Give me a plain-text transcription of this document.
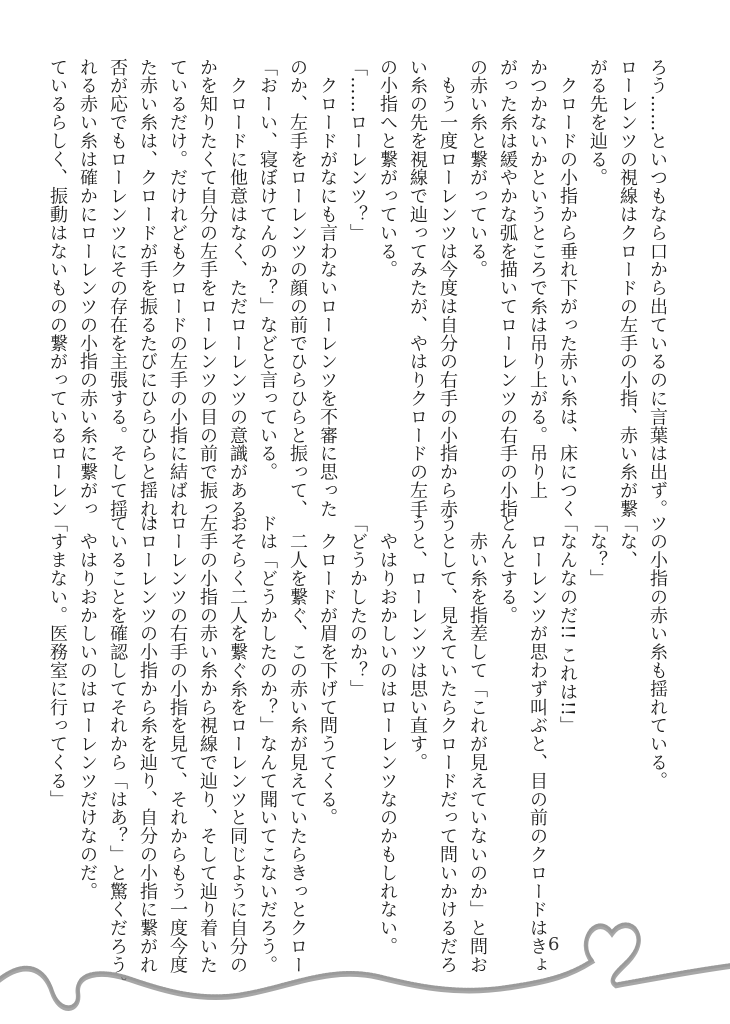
ろう……といつもなら口から出ているのに言葉は出ず。
ローレンツの視線はクロードの左手の小指、赤い糸が繋
がる先を辿る。
　クロードの小指から垂れ下がった赤い糸は、床につく
かつかないかというところで糸は吊り上がる。吊り上
がった糸は緩やかな弧を描いてローレンツの右手の小指
の赤い糸と繋がっている。
　もう一度ローレンツは今度は自分の右手の小指から赤
い糸の先を視線で辿ってみたが、やはりクロードの左手
の小指へと繋がっている。
「……ローレンツ？」
　クロードがなにも言わないローレンツを不審に思った
のか、左手をローレンツの顔の前でひらひらと振って、
「おーい、寝ぼけてんのか？」などと言っている。
　クロードに他意はなく、ただローレンツの意識がある
かを知りたくて自分の左手をローレンツの目の前で振っ
ているだけ。だけれどもクロードの左手の小指に結ばれ
た赤い糸は、クロードが手を振るたびにひらひらと揺れ、
否が応でもローレンツにその存在を主張する。そして揺
れる赤い糸は確かにローレンツの小指の赤い糸に繋がっ
ているらしく、振動はないものの繋がっているローレン
ツの小指の赤い糸も揺れている。
「な、
「な？」
「なんなのだ!! これは!!」
　ローレンツが思わず叫ぶと、目の前のクロードはきょ
とんとする。
　赤い糸を指差して「これが見えていないのか」と問お
うとして、見えていたらクロードだって問いかけるだろ
うと、ローレンツは思い直す。
　やはりおかしいのはローレンツなのかもしれない。
「どうかしたのか？」
　クロードが眉を下げて問うてくる。
　二人を繋ぐ、この赤い糸が見えていたらきっとクロー
ドは「どうかしたのか？」なんて聞いてこないだろう。
おそらく二人を繋ぐ糸をローレンツと同じように自分の
左手の小指の赤い糸から視線で辿り、そして辿り着いた
ローレンツの右手の小指を見て、それからもう一度今度
はローレンツの小指から糸を辿り、自分の小指に繋がれ
ていることを確認してそれから「はあ？」と驚くだろう。
　やはりおかしいのはローレンツだけなのだ。
「すまない。医務室に行ってくる」
6
